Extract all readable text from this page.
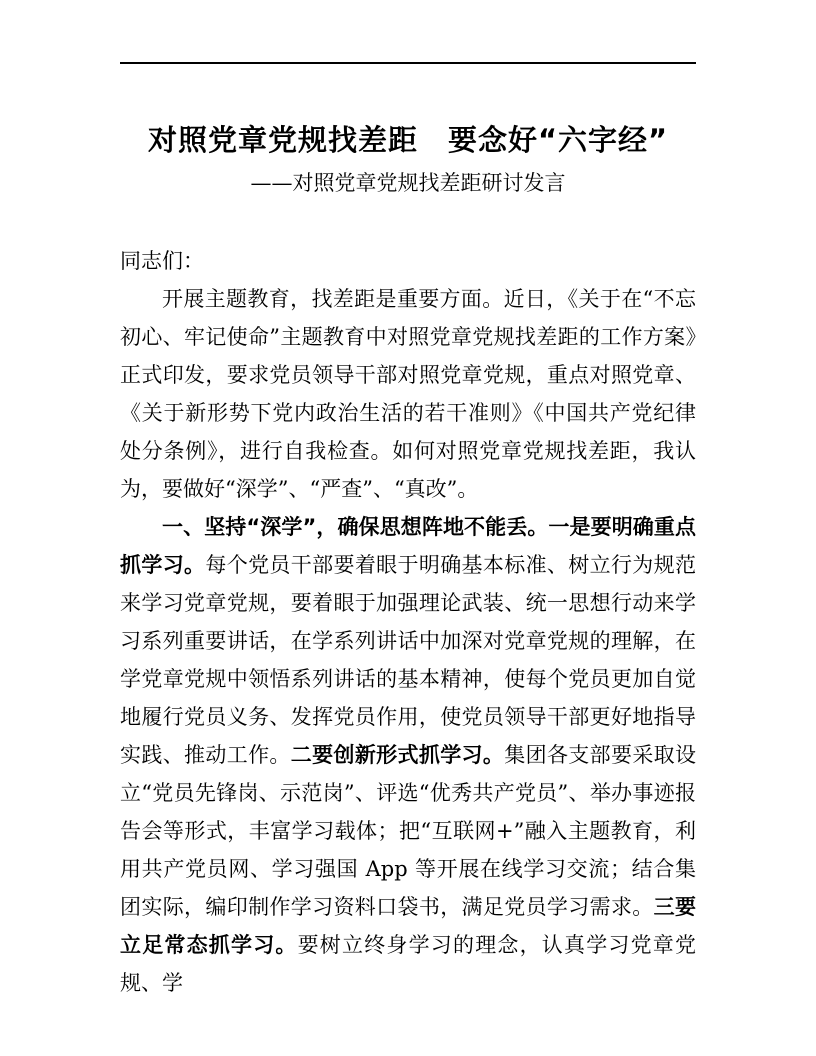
对照党章党规找差距　要念好“六字经”
——对照党章党规找差距研讨发言

同志们：

开展主题教育，找差距是重要方面。近日，《关于在“不忘初心、牢记使命”主题教育中对照党章党规找差距的工作方案》正式印发，要求党员领导干部对照党章党规，重点对照党章、《关于新形势下党内政治生活的若干准则》《中国共产党纪律处分条例》，进行自我检查。如何对照党章党规找差距，我认为，要做好“深学”、“严查”、“真改”。

一、坚持“深学”，确保思想阵地不能丢。一是要明确重点抓学习。每个党员干部要着眼于明确基本标准、树立行为规范来学习党章党规，要着眼于加强理论武装、统一思想行动来学习系列重要讲话，在学系列讲话中加深对党章党规的理解，在学党章党规中领悟系列讲话的基本精神，使每个党员更加自觉地履行党员义务、发挥党员作用，使党员领导干部更好地指导实践、推动工作。二要创新形式抓学习。集团各支部要采取设立“党员先锋岗、示范岗”、评选“优秀共产党员”、举办事迹报告会等形式，丰富学习载体；把“互联网+”融入主题教育，利用共产党员网、学习强国 App 等开展在线学习交流；结合集团实际，编印制作学习资料口袋书，满足党员学习需求。三要立足常态抓学习。要树立终身学习的理念，认真学习党章党规、学
